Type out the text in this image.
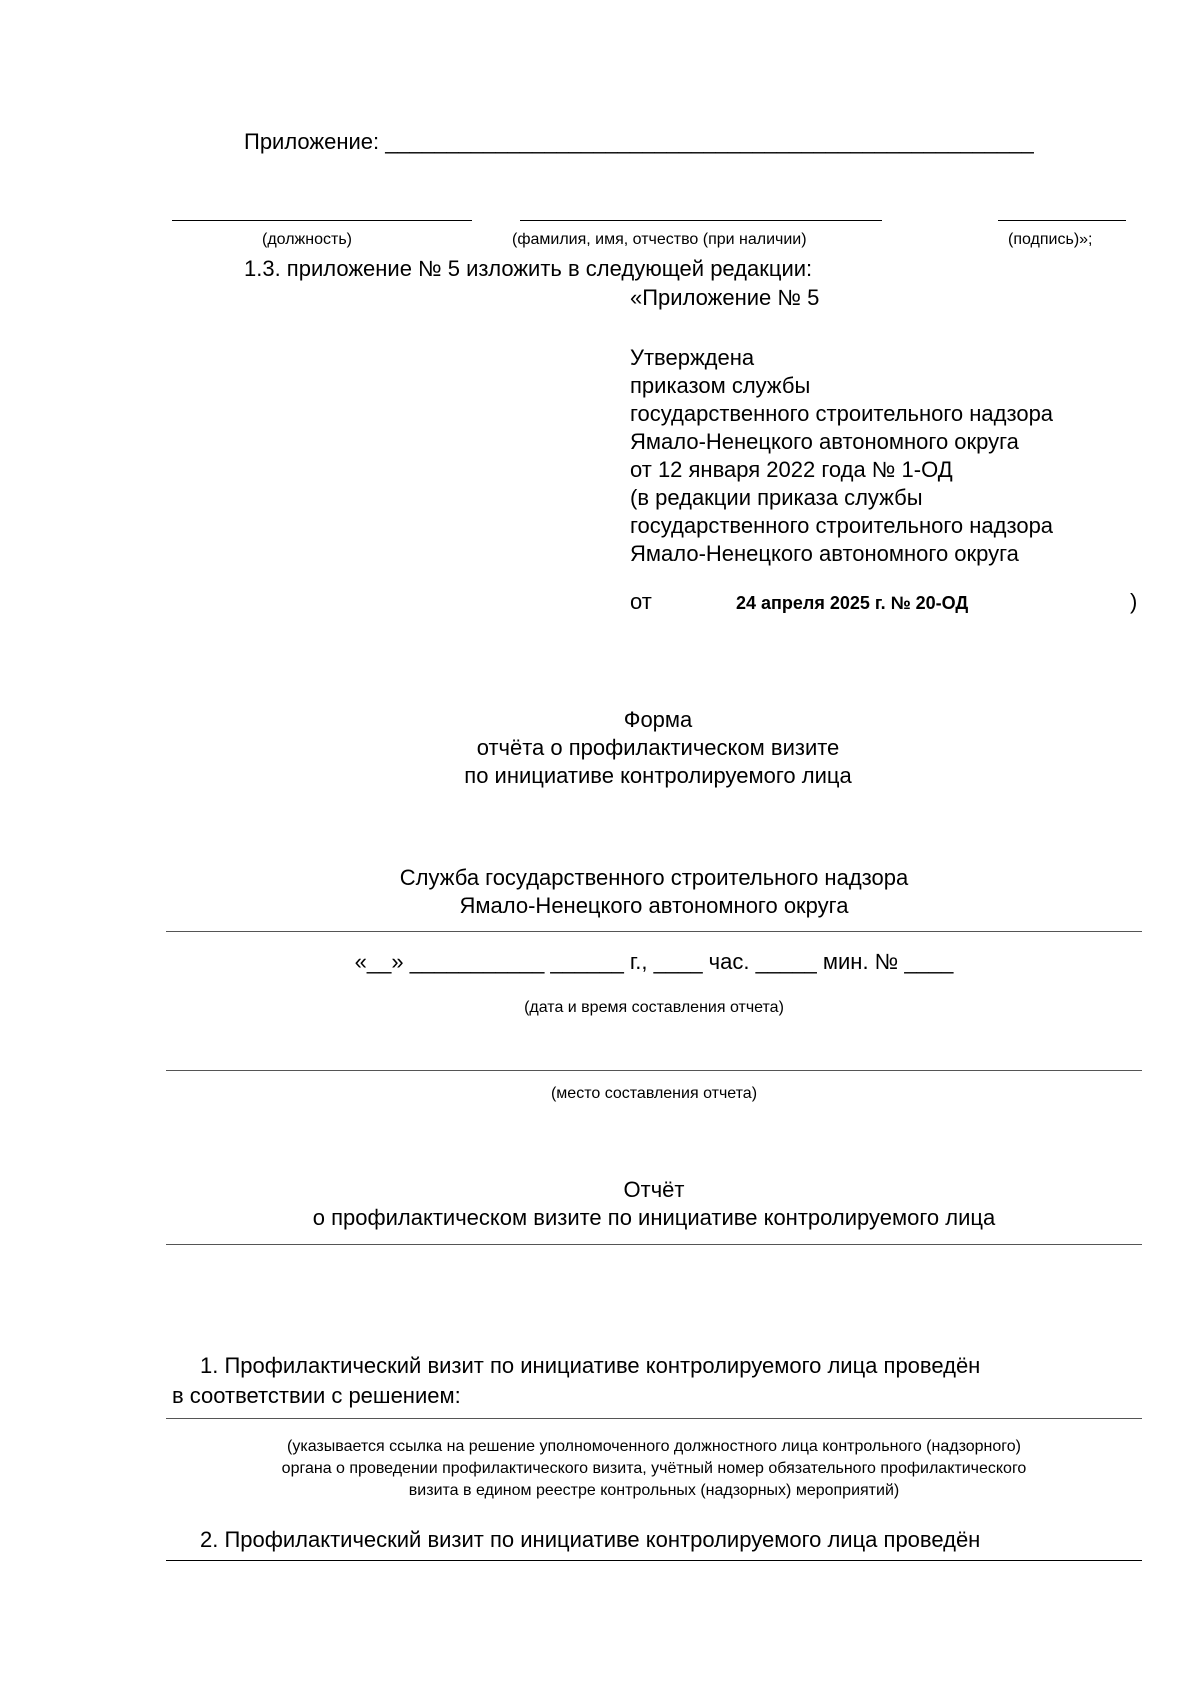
Приложение: _____________________________________________________
(должность)	(фамилия, имя, отчество (при наличии)	(подпись)»;
1.3. приложение № 5 изложить в следующей редакции:
«Приложение № 5
Утверждена
приказом службы
государственного строительного надзора
Ямало-Ненецкого автономного округа
от 12 января 2022 года № 1-ОД
(в редакции приказа службы
государственного строительного надзора
Ямало-Ненецкого автономного округа
от	24 апреля 2025 г. № 20-ОД	)
Форма
отчёта о профилактическом визите
по инициативе контролируемого лица
Служба государственного строительного надзора
Ямало-Ненецкого автономного округа
«__» ___________ ______ г., ____ час. _____ мин. № ____
(дата и время составления отчета)
(место составления отчета)
Отчёт
о профилактическом визите по инициативе контролируемого лица
1. Профилактический визит по инициативе контролируемого лица проведён
в соответствии с решением:
(указывается ссылка на решение уполномоченного должностного лица контрольного (надзорного)
органа о проведении профилактического визита, учётный номер обязательного профилактического
визита в едином реестре контрольных (надзорных) мероприятий)
2. Профилактический визит по инициативе контролируемого лица проведён
